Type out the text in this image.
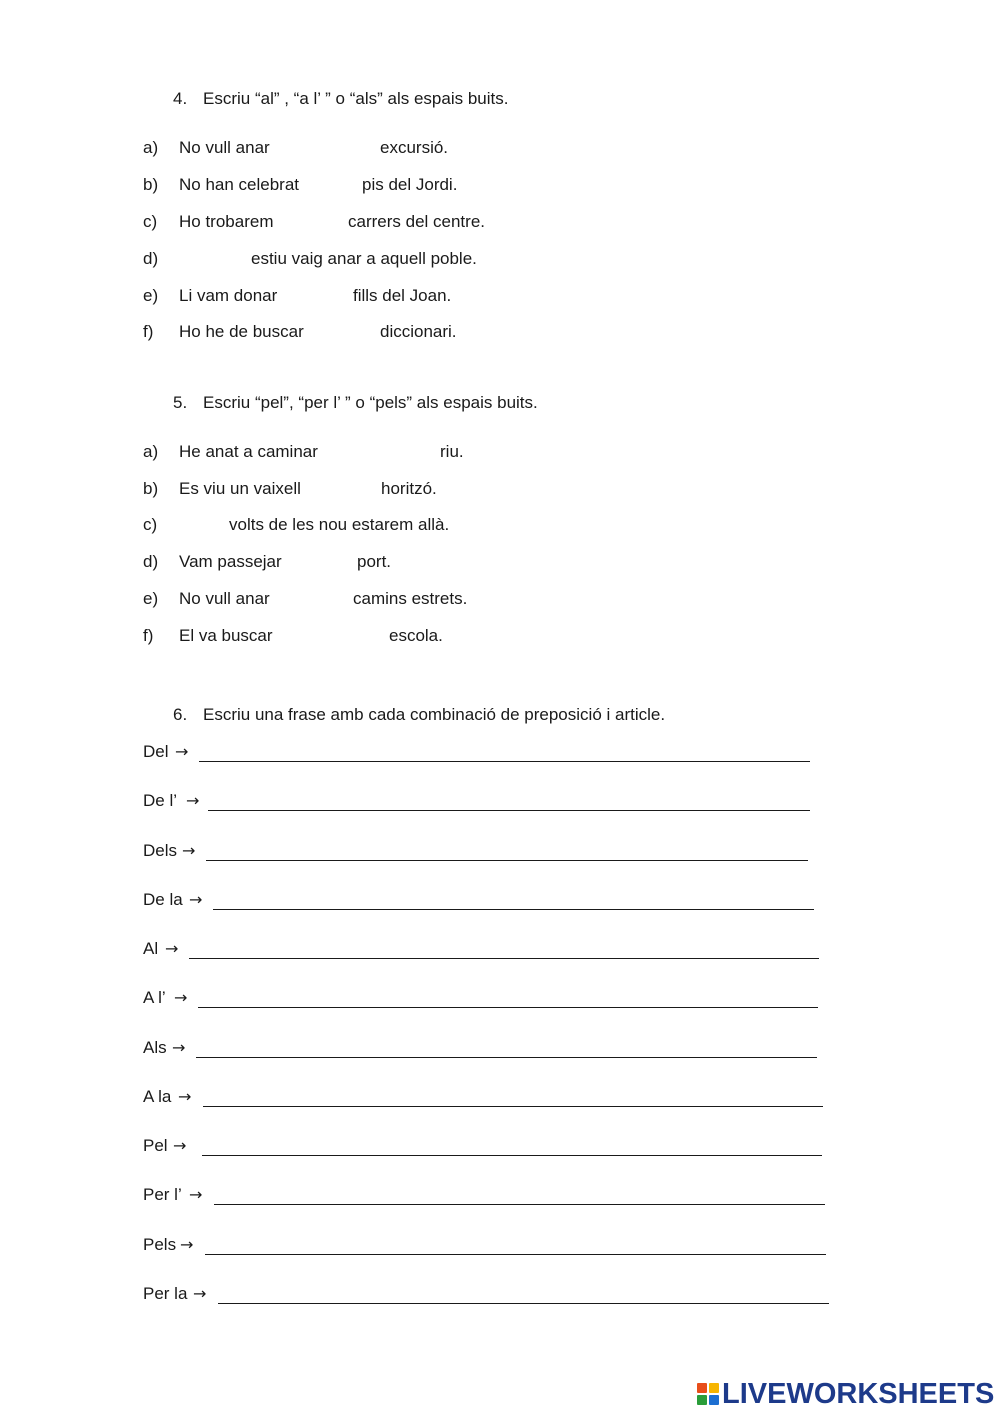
4. Escriu “al” , “a l’ ” o “als” als espais buits.
a) No vull anar	excursió.
b) No han celebrat	pis del Jordi.
c) Ho trobarem	carrers del centre.
d)	estiu vaig anar a aquell poble.
e) Li vam donar	fills del Joan.
f) Ho he de buscar	diccionari.
5. Escriu “pel”, “per l’ ” o “pels” als espais buits.
a) He anat a caminar	riu.
b) Es viu un vaixell	horitzó.
c)	volts de les nou estarem allà.
d) Vam passejar	port.
e) No vull anar	camins estrets.
f) El va buscar	escola.
6. Escriu una frase amb cada combinació de preposició i article.
Del →
De l’ →
Dels →
De la →
Al →
A l’ →
Als →
A la →
Pel →
Per l’ →
Pels →
Per la →
LIVEWORKSHEETS
